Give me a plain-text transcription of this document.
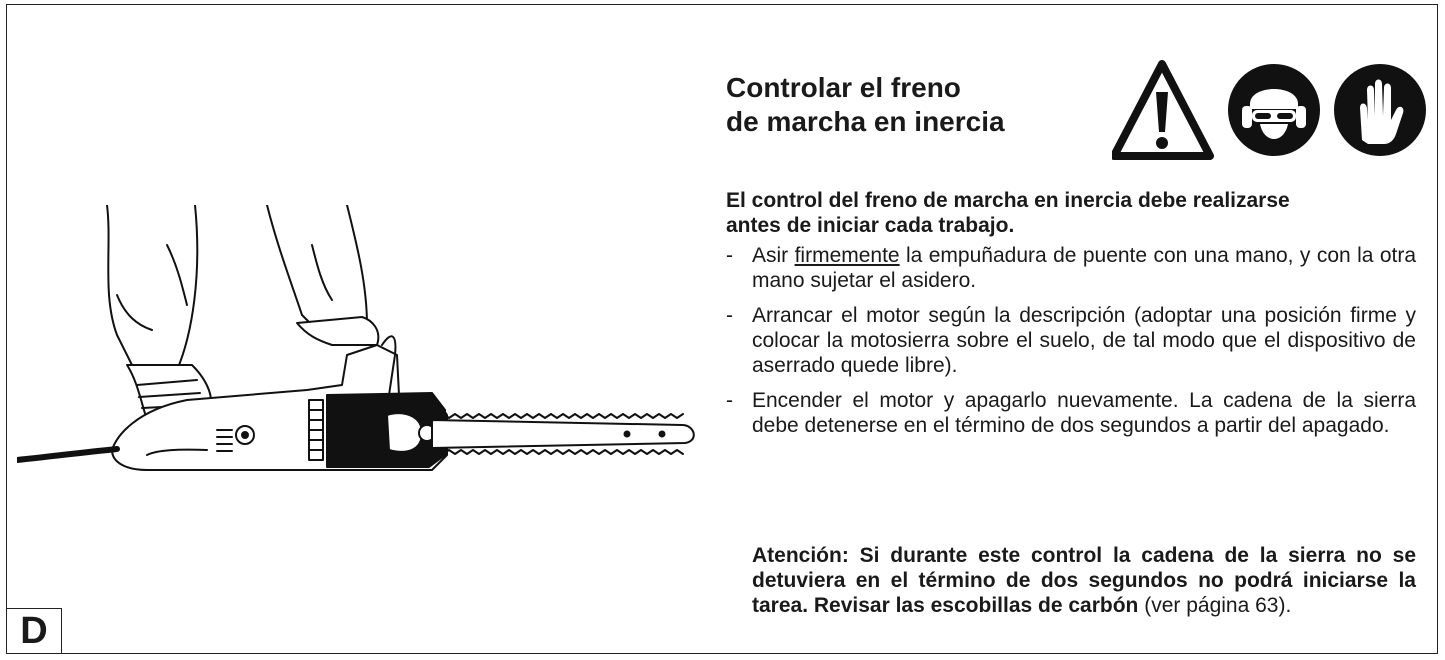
D
Controlar el freno
de marcha en inercia
El control del freno de marcha en inercia debe realizarse
antes de iniciar cada trabajo.
- Asir firmemente la empuñadura de puente con una mano, y con la otra mano sujetar el asidero.
- Arrancar el motor según la descripción (adoptar una posición firme y colocar la motosierra sobre el suelo, de tal modo que el dispositivo de aserrado quede libre).
- Encender el motor y apagarlo nuevamente. La cadena de la sierra debe detenerse en el término de dos segundos a partir del apagado.
Atención: Si durante este control la cadena de la sierra no se detuviera en el término de dos segundos no podrá iniciarse la tarea. Revisar las escobillas de carbón (ver página 63).
